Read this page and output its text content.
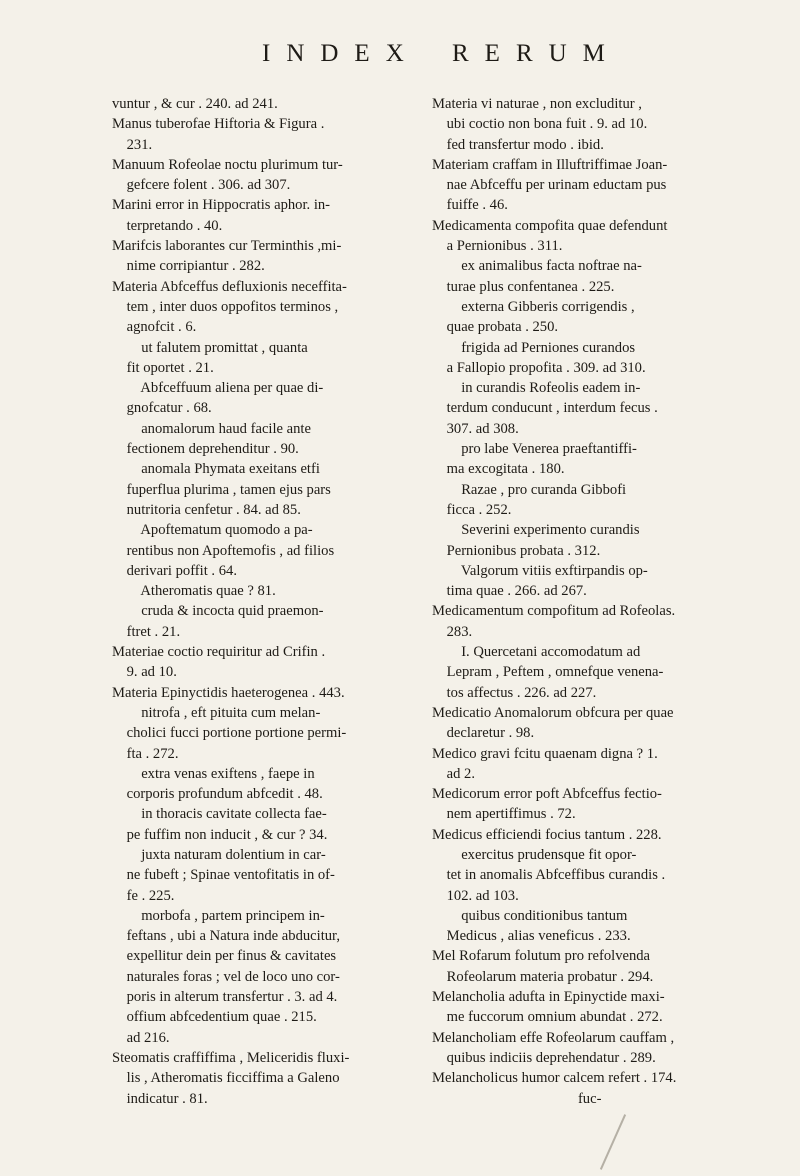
INDEX RERUM
vuntur , & cur . 240. ad 241.
Manus tuberofae Hiftoria & Figura .
231.
Manuum Rofeolae noctu plurimum tur-
gefcere folent . 306. ad 307.
Marini error in Hippocratis aphor. in-
terpretando . 40.
Marifcis laborantes cur Terminthis ,mi-
nime corripiantur . 282.
Materia Abfceffus defluxionis neceffita-
tem , inter duos oppofitos terminos ,
agnofcit . 6.
ut falutem promittat , quanta
fit oportet . 21.
Abfceffuum aliena per quae di-
gnofcatur . 68.
anomalorum haud facile ante
fectionem deprehenditur . 90.
anomala Phymata exeitans etfi
fuperflua plurima , tamen ejus pars
nutritoria cenfetur . 84. ad 85.
Apoftematum quomodo a pa-
rentibus non Apoftemofis , ad filios
derivari poffit . 64.
Atheromatis quae ? 81.
cruda & incocta quid praemon-
ftret . 21.
Materiae coctio requiritur ad Crifin .
9. ad 10.
Materia Epinyctidis haeterogenea . 443.
nitrofa , eft pituita cum melan-
cholici fucci portione portione permi-
fta . 272.
extra venas exiftens , faepe in
corporis profundum abfcedit . 48.
in thoracis cavitate collecta fae-
pe fuffim non inducit , & cur ? 34.
juxta naturam dolentium in car-
ne fubeft ; Spinae ventofitatis in of-
fe . 225.
morbofa , partem principem in-
feftans , ubi a Natura inde abducitur,
expellitur dein per finus & cavitates
naturales foras ; vel de loco uno cor-
poris in alterum transfertur . 3. ad 4.
offium abfcedentium quae . 215.
ad 216.
Steomatis craffiffima , Meliceridis fluxi-
lis , Atheromatis ficciffima a Galeno
indicatur . 81.
Materia vi naturae , non excluditur ,
ubi coctio non bona fuit . 9. ad 10.
fed transfertur modo . ibid.
Materiam craffam in Illuftriffimae Joan-
nae Abfceffu per urinam eductam pus
fuiffe . 46.
Medicamenta compofita quae defendunt
a Pernionibus . 311.
ex animalibus facta noftrae na-
turae plus confentanea . 225.
externa Gibberis corrigendis ,
quae probata . 250.
frigida ad Perniones curandos
a Fallopio propofita . 309. ad 310.
in curandis Rofeolis eadem in-
terdum conducunt , interdum fecus .
307. ad 308.
pro labe Venerea praeftantiffi-
ma excogitata . 180.
Razae , pro curanda Gibbofi
ficca . 252.
Severini experimento curandis
Pernionibus probata . 312.
Valgorum vitiis exftirpandis op-
tima quae . 266. ad 267.
Medicamentum compofitum ad Rofeolas.
283.
I. Quercetani accomodatum ad
Lepram , Peftem , omnefque venena-
tos affectus . 226. ad 227.
Medicatio Anomalorum obfcura per quae
declaretur . 98.
Medico gravi fcitu quaenam digna ? 1.
ad 2.
Medicorum error poft Abfceffus fectio-
nem apertiffimus . 72.
Medicus efficiendi focius tantum . 228.
exercitus prudensque fit opor-
tet in anomalis Abfceffibus curandis .
102. ad 103.
quibus conditionibus tantum
Medicus , alias veneficus . 233.
Mel Rofarum folutum pro refolvenda
Rofeolarum materia probatur . 294.
Melancholia adufta in Epinyctide maxi-
me fuccorum omnium abundat . 272.
Melancholiam effe Rofeolarum cauffam ,
quibus indiciis deprehendatur . 289.
Melancholicus humor calcem refert . 174.
fuc-
